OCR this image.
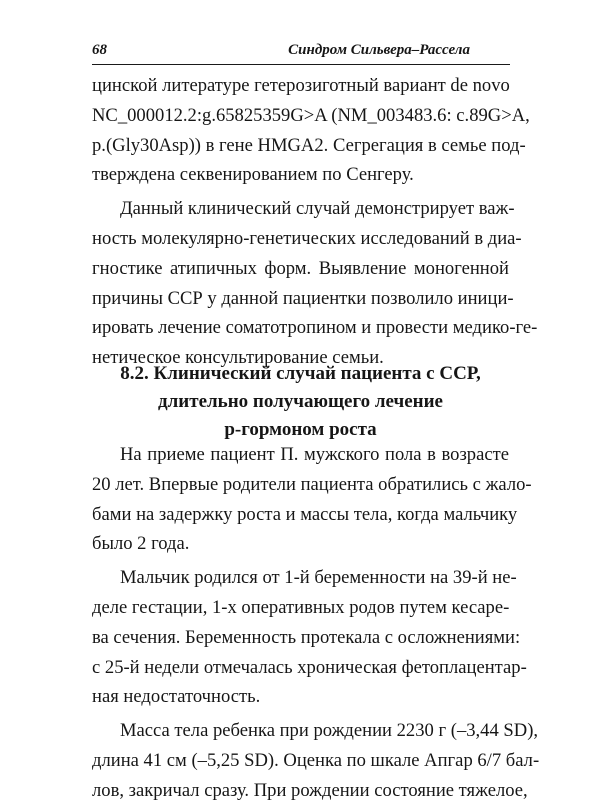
68	Синдром Сильвера–Рассела
цинской литературе гетерозиготный вариант de novo
NC_000012.2:g.65825359G>A (NM_003483.6: c.89G>A,
p.(Gly30Asp)) в гене HMGA2. Сегрегация в семье под-
тверждена секвенированием по Сенгеру.
Данный клинический случай демонстрирует важ-
ность молекулярно-генетических исследований в диа-
гностике атипичных форм. Выявление моногенной
причины ССР у данной пациентки позволило иници-
ировать лечение соматотропином и провести медико-ге-
нетическое консультирование семьи.
8.2. Клинический случай пациента с ССР,
длительно получающего лечение
р-гормоном роста
На приеме пациент П. мужского пола в возрасте
20 лет. Впервые родители пациента обратились с жало-
бами на задержку роста и массы тела, когда мальчику
было 2 года.
Мальчик родился от 1-й беременности на 39-й не-
деле гестации, 1-х оперативных родов путем кесаре-
ва сечения. Беременность протекала с осложнениями:
с 25-й недели отмечалась хроническая фетоплацентар-
ная недостаточность.
Масса тела ребенка при рождении 2230 г (–3,44 SD),
длина 41 см (–5,25 SD). Оценка по шкале Апгар 6/7 бал-
лов, закричал сразу. При рождении состояние тяжелое,
